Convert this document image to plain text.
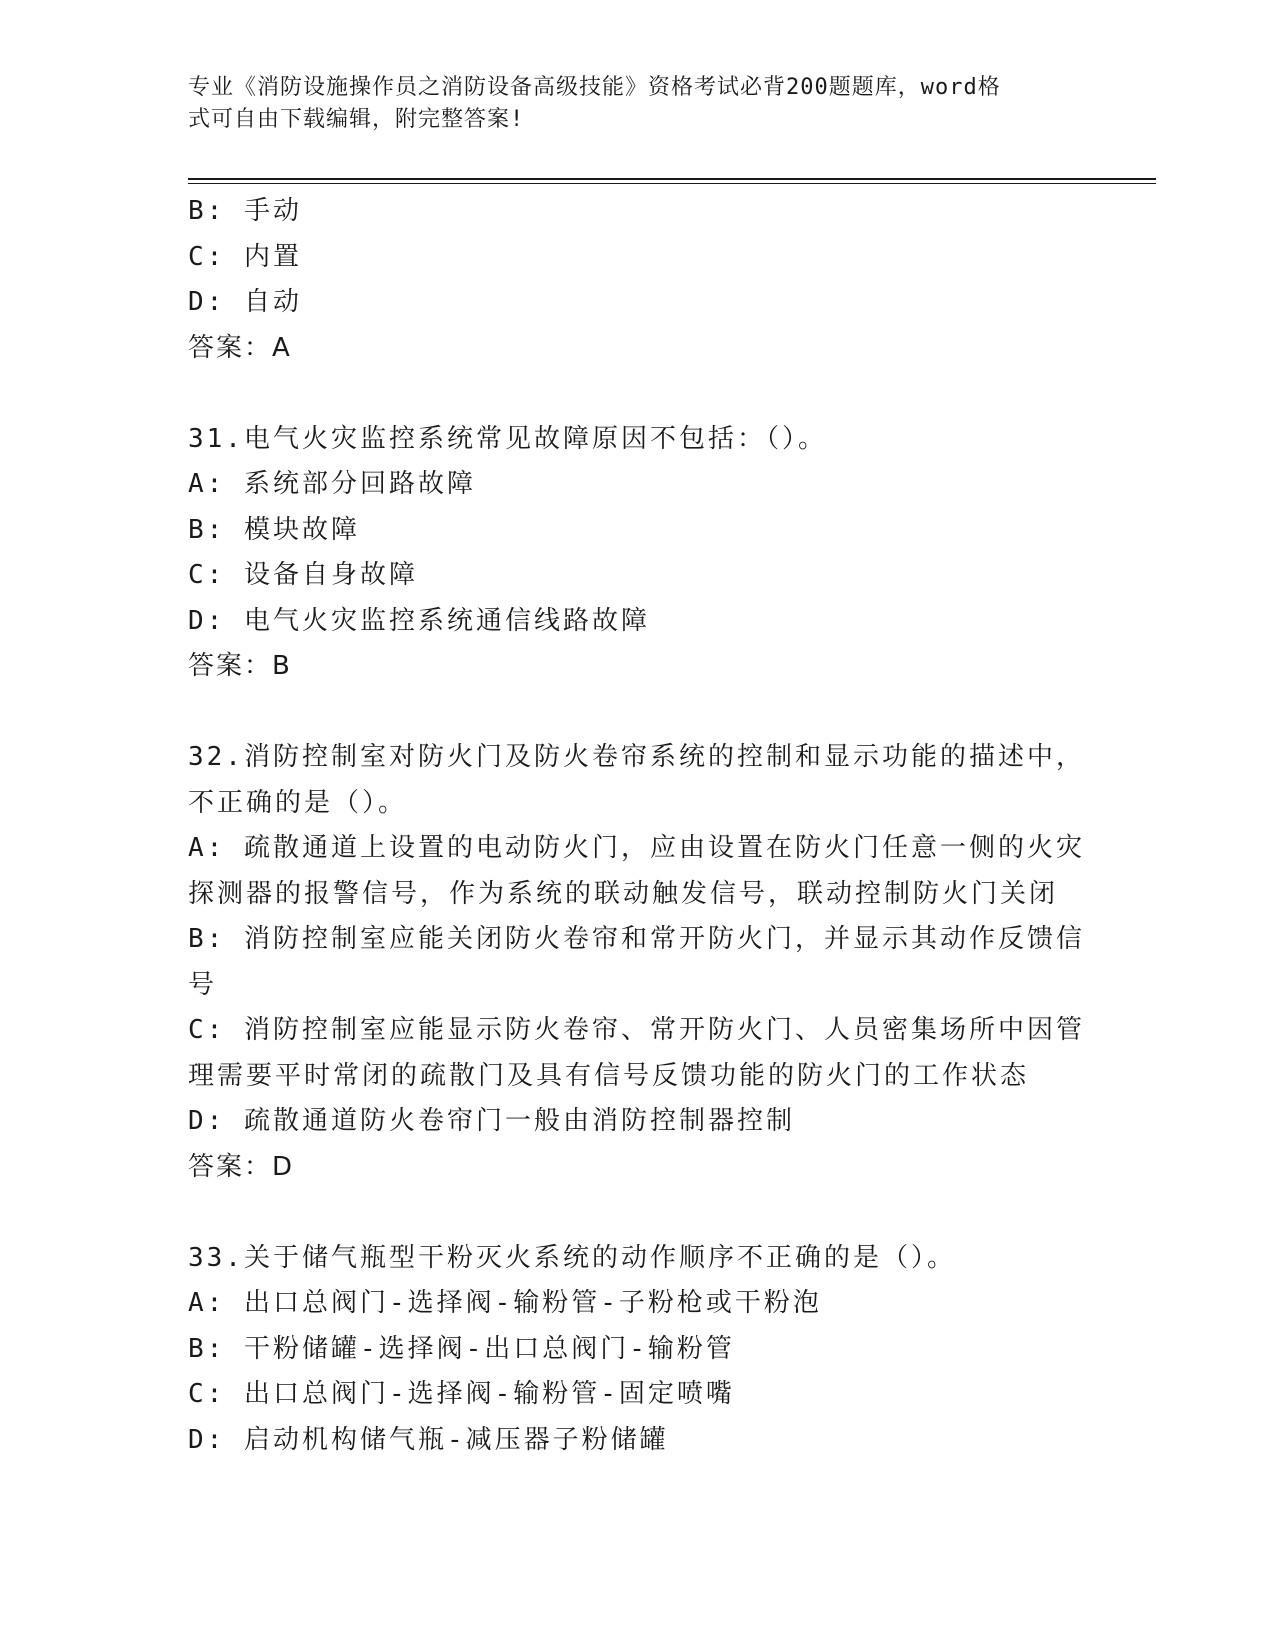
专业《消防设施操作员之消防设备高级技能》资格考试必背200题题库，word格
式可自由下载编辑，附完整答案!

B: 手动

C: 内置

D: 自动

答案：A

31.电气火灾监控系统常见故障原因不包括：（）。

A: 系统部分回路故障

B: 模块故障

C: 设备自身故障

D: 电气火灾监控系统通信线路故障

答案：B

32.消防控制室对防火门及防火卷帘系统的控制和显示功能的描述中，

不正确的是（）。

A: 疏散通道上设置的电动防火门，应由设置在防火门任意一侧的火灾

探测器的报警信号，作为系统的联动触发信号，联动控制防火门关闭

B: 消防控制室应能关闭防火卷帘和常开防火门，并显示其动作反馈信

号

C: 消防控制室应能显示防火卷帘、常开防火门、人员密集场所中因管

理需要平时常闭的疏散门及具有信号反馈功能的防火门的工作状态

D: 疏散通道防火卷帘门一般由消防控制器控制

答案：D

33.关于储气瓶型干粉灭火系统的动作顺序不正确的是（）。

A: 出口总阀门-选择阀-输粉管-子粉枪或干粉泡

B: 干粉储罐-选择阀-出口总阀门-输粉管

C: 出口总阀门-选择阀-输粉管-固定喷嘴

D: 启动机构储气瓶-减压器子粉储罐
